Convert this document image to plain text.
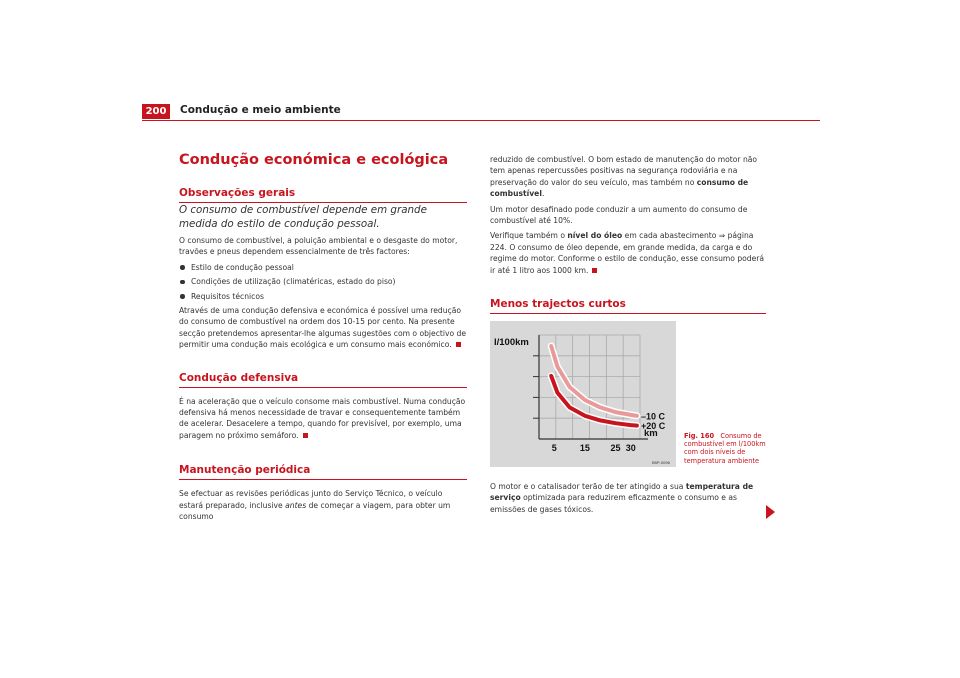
200	Condução e meio ambiente
Condução económica e ecológica
Observações gerais

O consumo de combustível depende em grande medida do estilo de condução pessoal.

O consumo de combustível, a poluição ambiental e o desgaste do motor, travões e pneus dependem essencialmente de três factores:

Estilo de condução pessoal
Condições de utilização (climatéricas, estado do piso)
Requisitos técnicos

Através de uma condução defensiva e económica é possível uma redução do consumo de combustível na ordem dos 10-15 por cento. Na presente secção pretendemos apresentar-lhe algumas sugestões com o objectivo de permitir uma condução mais ecológica e um consumo mais económico.

Condução defensiva

É na aceleração que o veículo consome mais combustível. Numa condução defensiva há menos necessidade de travar e consequentemente também de acelerar. Desacelere a tempo, quando for previsível, por exemplo, uma paragem no próximo semáforo.

Manutenção periódica

Se efectuar as revisões periódicas junto do Serviço Técnico, o veículo estará preparado, inclusive antes de começar a viagem, para obter um consumo

reduzido de combustível. O bom estado de manutenção do motor não tem apenas repercussões positivas na segurança rodoviária e na preservação do valor do seu veículo, mas também no consumo de combustível.

Um motor desafinado pode conduzir a um aumento do consumo de combustível até 10%.

Verifique também o nível do óleo em cada abastecimento ⇒ página 224. O consumo de óleo depende, em grande medida, da carga e do regime do motor. Conforme o estilo de condução, esse consumo poderá ir até 1 litro aos 1000 km.

Menos trajectos curtos
–10 C
+20 C
5	15 25 30
l/100km
km
B5P-0096
Fig. 160 Consumo de combustível em l/100km com dois níveis de temperatura ambiente

O motor e o catalisador terão de ter atingido a sua temperatura de serviço optimizada para reduzirem eficazmente o consumo e as emissões de gases tóxicos.
